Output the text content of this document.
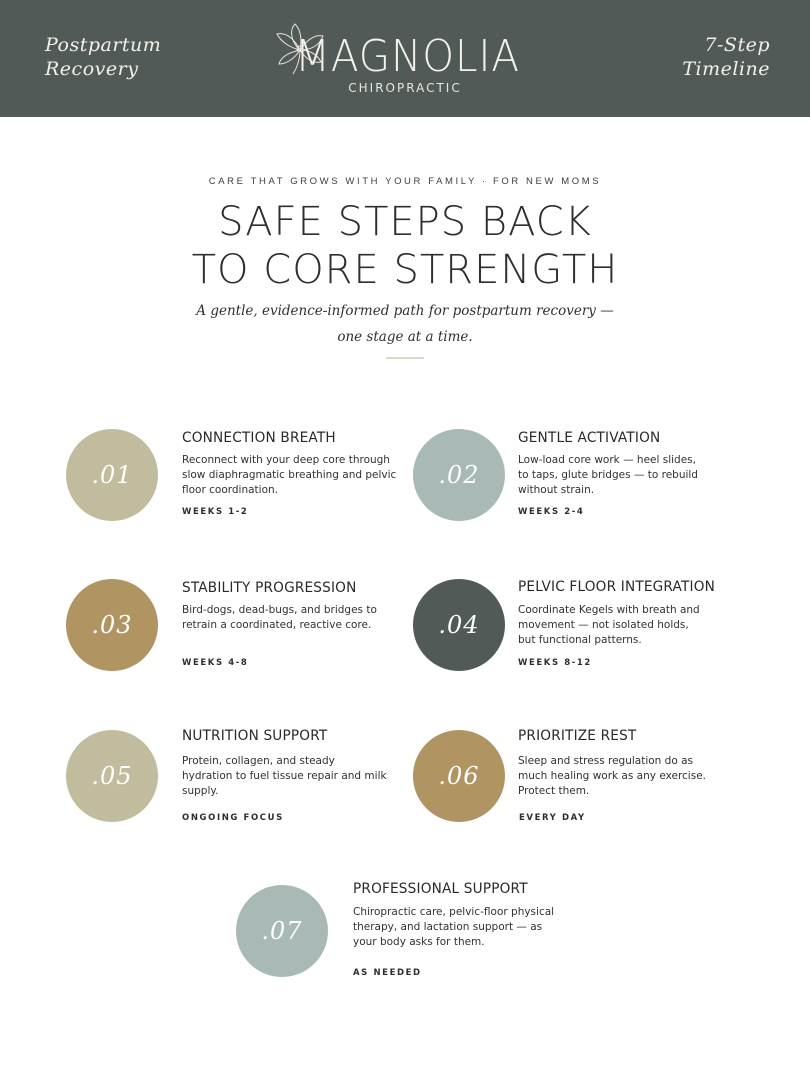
Postpartum
Recovery	MAGNOLIA
CHIROPRACTIC
7-Step
Timeline
CARE THAT GROWS WITH YOUR FAMILY · FOR NEW MOMS
SAFE STEPS BACK
TO CORE STRENGTH

A gentle, evidence-informed path for postpartum recovery —
one stage at a time.

.01
CONNECTION BREATH
Reconnect with your deep core through slow diaphragmatic breathing and pelvic floor coordination.
WEEKS 1-2
.02
GENTLE ACTIVATION
Low-load core work — heel slides, to taps, glute bridges — to rebuild without strain.
WEEKS 2-4
.03
STABILITY PROGRESSION
Bird-dogs, dead-bugs, and bridges to retrain a coordinated, reactive core.
WEEKS 4-8
.04
PELVIC FLOOR INTEGRATION
Coordinate Kegels with breath and movement — not isolated holds, but functional patterns.
WEEKS 8-12
.05
NUTRITION SUPPORT
Protein, collagen, and steady hydration to fuel tissue repair and milk supply.
ONGOING FOCUS
.06
PRIORITIZE REST
Sleep and stress regulation do as much healing work as any exercise. Protect them.
EVERY DAY
.07
PROFESSIONAL SUPPORT
Chiropractic care, pelvic-floor physical therapy, and lactation support — as your body asks for them.
AS NEEDED
